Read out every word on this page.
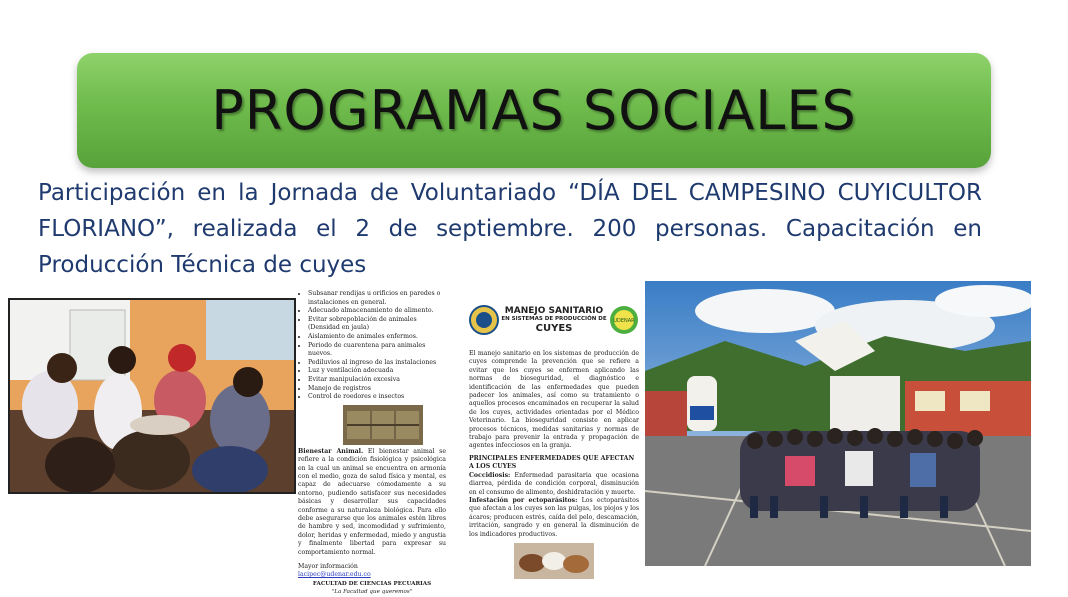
PROGRAMAS SOCIALES

Participación en la Jornada de Voluntariado “DÍA DEL CAMPESINO CUYICULTOR FLORIANO”, realizada el 2 de septiembre. 200 personas. Capacitación en Producción Técnica de cuyes

• Subsanar rendijas u orificios en paredes o instalaciones en general.
• Adecuado almacenamiento de alimento.
• Evitar sobrepoblación de animales (Densidad en jaula)
• Aislamiento de animales enfermos.
• Periodo de cuarentena para animales nuevos.
• Pediluvios al ingreso de las instalaciones
• Luz y ventilación adecuada
• Evitar manipulación excesiva
• Manejo de registros
• Control de roedores e insectos
Bienestar Animal. El bienestar animal se refiere a la condición fisiológica y psicológica en la cual un animal se encuentra en armonía con el medio, goza de salud física y mental, es capaz de adecuarse cómodamente a su entorno, pudiendo satisfacer sus necesidades básicas y desarrollar sus capacidades conforme a su naturaleza biológica. Para ello debe asegurarse que los animales estén libres de hambre y sed, incomodidad y sufrimiento, dolor, heridas y enfermedad, miedo y angustia y finalmente libertad para expresar su comportamiento normal.
Mayor información
lacipec@udenar.edu.co
FACULTAD DE CIENCIAS PECUARIAS
"La Facultad que queremos"
MANEJO SANITARIO
EN SISTEMAS DE PRODUCCIÓN DE
CUYES
UDENAR
El manejo sanitario en los sistemas de producción de cuyes comprende la prevención que se refiere a evitar que los cuyes se enfermen aplicando las normas de bioseguridad, el diagnóstico e identificación de las enfermedades que pueden padecer los animales, así como su tratamiento o aquellos procesos encaminados en recuperar la salud de los cuyes, actividades orientadas por el Médico Veterinario. La bioseguridad consiste en aplicar procesos técnicos, medidas sanitarias y normas de trabajo para prevenir la entrada y propagación de agentes infecciosos en la granja.
PRINCIPALES ENFERMEDADES QUE AFECTAN A LOS CUYES
Coccidiosis: Enfermedad parasitaria que ocasiona diarrea, pérdida de condición corporal, disminución en el consumo de alimento, deshidratación y muerte.
Infestación por ectoparásitos: Los ectoparásitos que afectan a los cuyes son las pulgas, los piojos y los ácaros; producen estrés, caída del pelo, descamación, irritación, sangrado y en general la disminución de los indicadores productivos.
